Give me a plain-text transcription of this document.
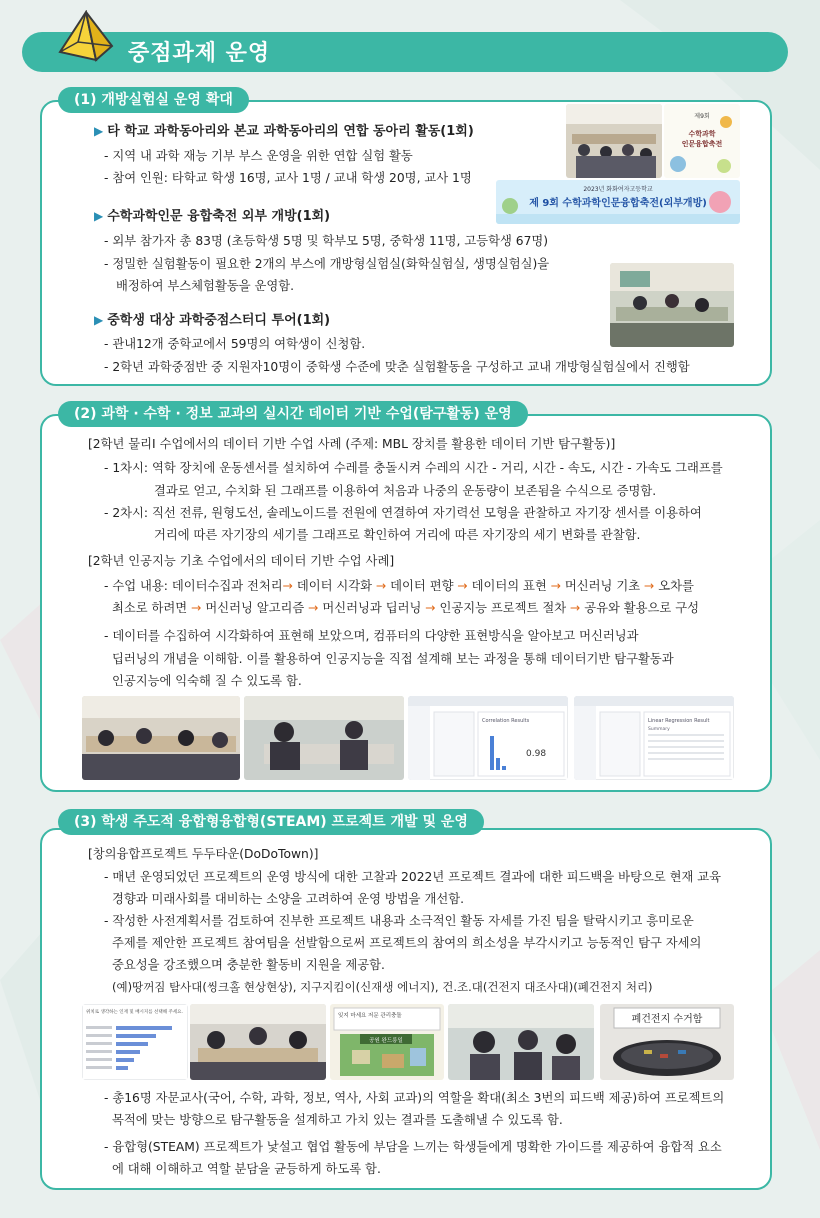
중점과제 운영
(1) 개방실험실 운영 확대
▶ 타 학교 과학동아리와 본교 과학동아리의 연합 동아리 활동(1회)
- 지역 내 과학 재능 기부 부스 운영을 위한 연합 실험 활동
- 참여 인원: 타학교 학생 16명, 교사 1명 / 교내 학생 20명, 교사 1명
▶ 수학과학인문 융합축전 외부 개방(1회)
- 외부 참가자 총 83명 (초등학생 5명 및 학부모 5명, 중학생 11명, 고등학생 67명)
- 정밀한 실험활동이 필요한 2개의 부스에 개방형실험실(화학실험실, 생명실험실)을
배정하여 부스체험활동을 운영함.
▶ 중학생 대상 과학중점스터디 투어(1회)
- 관내12개 중학교에서 59명의 여학생이 신청함.
- 2학년 과학중점반 중 지원자10명이 중학생 수준에 맞춘 실험활동을 구성하고 교내 개방형실험실에서 진행함
제9회
수학과학
인문융합축전
2023년 화화여자고등학교
제 9회 수학과학인문융합축전(외부개방)
(2) 과학 · 수학 · 정보 교과의 실시간 데이터 기반 수업(탐구활동) 운영
[2학년 물리Ⅰ 수업에서의 데이터 기반 수업 사례 (주제: MBL 장치를 활용한 데이터 기반 탐구활동)]
- 1차시: 역학 장치에 운동센서를 설치하여 수레를 충돌시켜 수레의 시간 - 거리, 시간 - 속도, 시간 - 가속도 그래프를
결과로 얻고, 수치화 된 그래프를 이용하여 처음과 나중의 운동량이 보존됨을 수식으로 증명함.
- 2차시: 직선 전류, 원형도선, 솔레노이드를 전원에 연결하여 자기력선 모형을 관찰하고 자기장 센서를 이용하여
거리에 따른 자기장의 세기를 그래프로 확인하여 거리에 따른 자기장의 세기 변화를 관찰함.
[2학년 인공지능 기초 수업에서의 데이터 기반 수업 사례]
- 수업 내용: 데이터수집과 전처리→ 데이터 시각화 → 데이터 편향 → 데이터의 표현 → 머신러닝 기초 → 오차를
최소로 하려면 → 머신러닝 알고리즘 → 머신러닝과 딥러닝 → 인공지능 프로젝트 절차 → 공유와 활용으로 구성
- 데이터를 수집하여 시각화하여 표현해 보았으며, 컴퓨터의 다양한 표현방식을 알아보고 머신러닝과
딥러닝의 개념을 이해함. 이를 활용하여 인공지능을 직접 설계해 보는 과정을 통해 데이터기반 탐구활동과
인공지능에 익숙해 질 수 있도록 함.
Correlation Results
0.98
Linear Regression Result
Summary
(3) 학생 주도적 융합형융합형(STEAM) 프로젝트 개발 및 운영
[창의융합프로젝트 두두타운(DoDoTown)]
- 매년 운영되었던 프로젝트의 운영 방식에 대한 고찰과 2022년 프로젝트 결과에 대한 피드백을 바탕으로 현재 교육
경향과 미래사회를 대비하는 소양을 고려하여 운영 방법을 개선함.
- 작성한 사전계획서를 검토하여 진부한 프로젝트 내용과 소극적인 활동 자세를 가진 팀을 탈락시키고 흥미로운
주제를 제안한 프로젝트 참여팀을 선발함으로써 프로젝트의 참여의 희소성을 부각시키고 능동적인 탐구 자세의
중요성을 강조했으며 충분한 활동비 지원을 제공함.
(예)땅꺼짐 탐사대(씽크홀 현상현상), 지구지킴이(신재생 에너지), 건.조.대(건전지 대조사대)(폐건전지 처리)
위치로 생각하는 인재 및 배시지를 선택해 주세요.
잊지 마세요 저문 관리충돌
공원 완드릉일
폐건전지 수거함
- 총16명 자문교사(국어, 수학, 과학, 정보, 역사, 사회 교과)의 역할을 확대(최소 3번의 피드백 제공)하여 프로젝트의
목적에 맞는 방향으로 탐구활동을 설계하고 가치 있는 결과를 도출해낼 수 있도록 함.
- 융합형(STEAM) 프로젝트가 낯설고 협업 활동에 부담을 느끼는 학생들에게 명확한 가이드를 제공하여 융합적 요소
에 대해 이해하고 역할 분담을 균등하게 하도록 함.
